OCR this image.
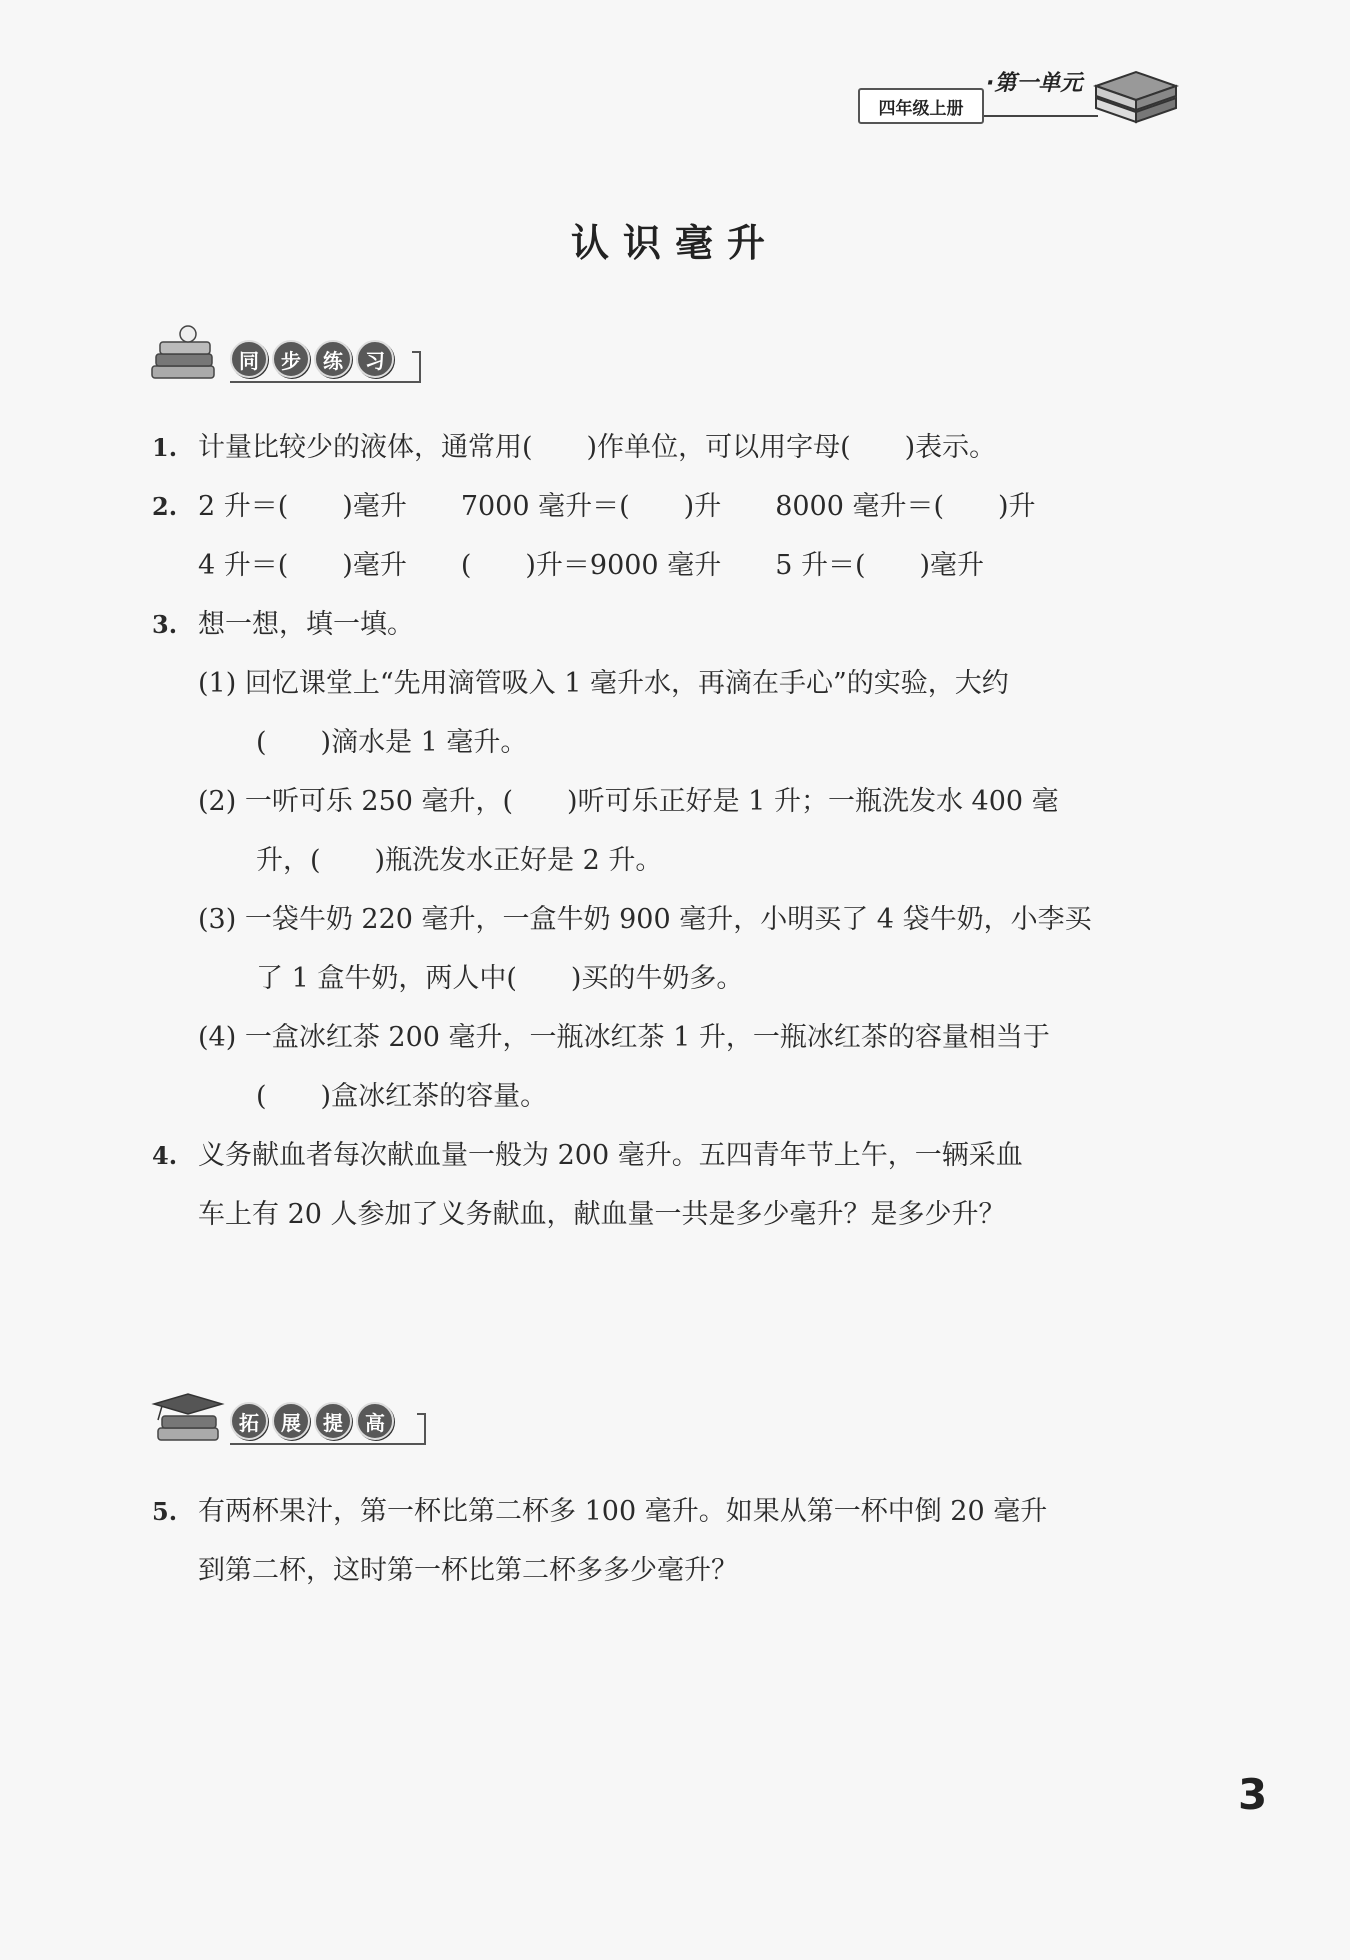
四年级上册
·第一单元
认识毫升
同	步	练	习
1. 计量比较少的液体，通常用(　　)作单位，可以用字母(　　)表示。
2. 2 升＝(　　)毫升　　7000 毫升＝(　　)升　　8000 毫升＝(　　)升
4 升＝(　　)毫升　　(　　)升＝9000 毫升　　5 升＝(　　)毫升
3. 想一想，填一填。
(1) 回忆课堂上“先用滴管吸入 1 毫升水，再滴在手心”的实验，大约
(　　)滴水是 1 毫升。
(2) 一听可乐 250 毫升，(　　)听可乐正好是 1 升；一瓶洗发水 400 毫
升，(　　)瓶洗发水正好是 2 升。
(3) 一袋牛奶 220 毫升，一盒牛奶 900 毫升，小明买了 4 袋牛奶，小李买
了 1 盒牛奶，两人中(　　)买的牛奶多。
(4) 一盒冰红茶 200 毫升，一瓶冰红茶 1 升，一瓶冰红茶的容量相当于
(　　)盒冰红茶的容量。
4. 义务献血者每次献血量一般为 200 毫升。五四青年节上午，一辆采血
车上有 20 人参加了义务献血，献血量一共是多少毫升？是多少升？
拓	展	提	高
5. 有两杯果汁，第一杯比第二杯多 100 毫升。如果从第一杯中倒 20 毫升
到第二杯，这时第一杯比第二杯多多少毫升？
3
